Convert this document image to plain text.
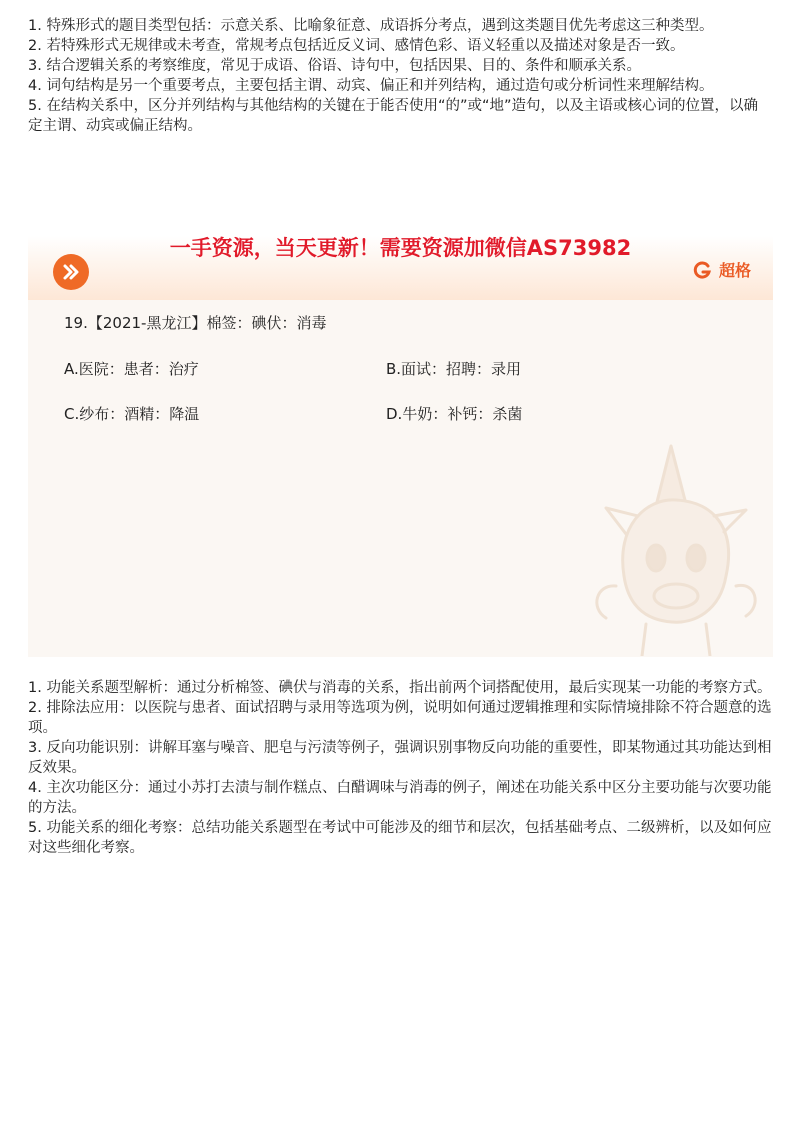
1. 特殊形式的题目类型包括：示意关系、比喻象征意、成语拆分考点，遇到这类题目优先考虑这三种类型。

2. 若特殊形式无规律或未考查，常规考点包括近反义词、感情色彩、语义轻重以及描述对象是否一致。

3. 结合逻辑关系的考察维度，常见于成语、俗语、诗句中，包括因果、目的、条件和顺承关系。

4. 词句结构是另一个重要考点，主要包括主谓、动宾、偏正和并列结构，通过造句或分析词性来理解结构。

5. 在结构关系中，区分并列结构与其他结构的关键在于能否使用“的”或“地”造句，以及主语或核心词的位置，以确定主谓、动宾或偏正结构。

一手资源，当天更新！需要资源加微信AS73982
超格
19.【2021-黑龙江】棉签：碘伏：消毒
A.医院：患者：治疗	B.面试：招聘：录用
C.纱布：酒精：降温	D.牛奶：补钙：杀菌

1. 功能关系题型解析：通过分析棉签、碘伏与消毒的关系，指出前两个词搭配使用，最后实现某一功能的考察方式。

2. 排除法应用：以医院与患者、面试招聘与录用等选项为例，说明如何通过逻辑推理和实际情境排除不符合题意的选项。

3. 反向功能识别：讲解耳塞与噪音、肥皂与污渍等例子，强调识别事物反向功能的重要性，即某物通过其功能达到相反效果。

4. 主次功能区分：通过小苏打去渍与制作糕点、白醋调味与消毒的例子，阐述在功能关系中区分主要功能与次要功能的方法。

5. 功能关系的细化考察：总结功能关系题型在考试中可能涉及的细节和层次，包括基础考点、二级辨析，以及如何应对这些细化考察。
